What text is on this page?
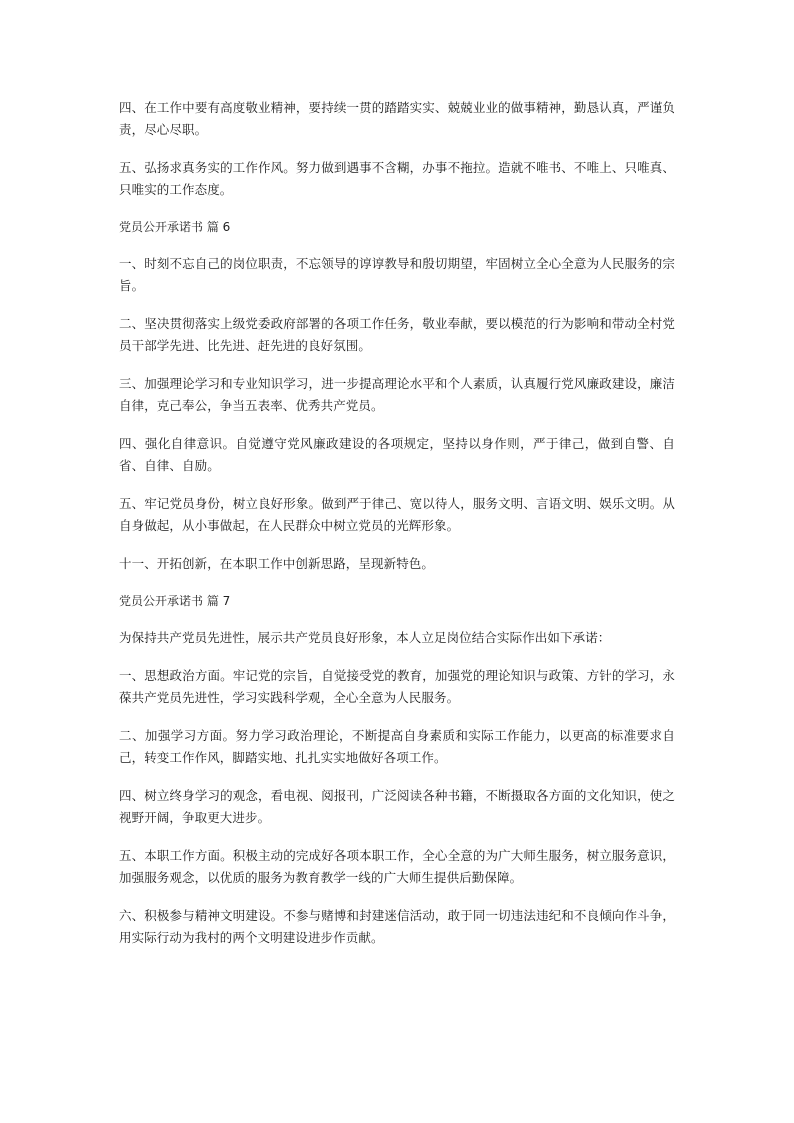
四、在工作中要有高度敬业精神，要持续一贯的踏踏实实、兢兢业业的做事精神，勤恳认真，严谨负责，尽心尽职。

五、弘扬求真务实的工作作风。努力做到遇事不含糊，办事不拖拉。造就不唯书、不唯上、只唯真、只唯实的工作态度。

党员公开承诺书 篇 6

一、时刻不忘自己的岗位职责，不忘领导的谆谆教导和殷切期望，牢固树立全心全意为人民服务的宗旨。

二、坚决贯彻落实上级党委政府部署的各项工作任务，敬业奉献，要以模范的行为影响和带动全村党员干部学先进、比先进、赶先进的良好氛围。

三、加强理论学习和专业知识学习，进一步提高理论水平和个人素质，认真履行党风廉政建设，廉洁自律，克己奉公，争当五表率、优秀共产党员。

四、强化自律意识。自觉遵守党风廉政建设的各项规定，坚持以身作则，严于律己，做到自警、自省、自律、自励。

五、牢记党员身份，树立良好形象。做到严于律己、宽以待人，服务文明、言语文明、娱乐文明。从自身做起，从小事做起，在人民群众中树立党员的光辉形象。

十一、开拓创新，在本职工作中创新思路，呈现新特色。

党员公开承诺书 篇 7

为保持共产党员先进性，展示共产党员良好形象，本人立足岗位结合实际作出如下承诺：

一、思想政治方面。牢记党的宗旨，自觉接受党的教育，加强党的理论知识与政策、方针的学习，永葆共产党员先进性，学习实践科学观，全心全意为人民服务。

二、加强学习方面。努力学习政治理论，不断提高自身素质和实际工作能力，以更高的标准要求自己，转变工作作风，脚踏实地、扎扎实实地做好各项工作。

四、树立终身学习的观念，看电视、阅报刊，广泛阅读各种书籍，不断摄取各方面的文化知识，使之视野开阔，争取更大进步。

五、本职工作方面。积极主动的完成好各项本职工作，全心全意的为广大师生服务，树立服务意识，加强服务观念，以优质的服务为教育教学一线的广大师生提供后勤保障。

六、积极参与精神文明建设。不参与赌博和封建迷信活动，敢于同一切违法违纪和不良倾向作斗争，用实际行动为我村的两个文明建设进步作贡献。
